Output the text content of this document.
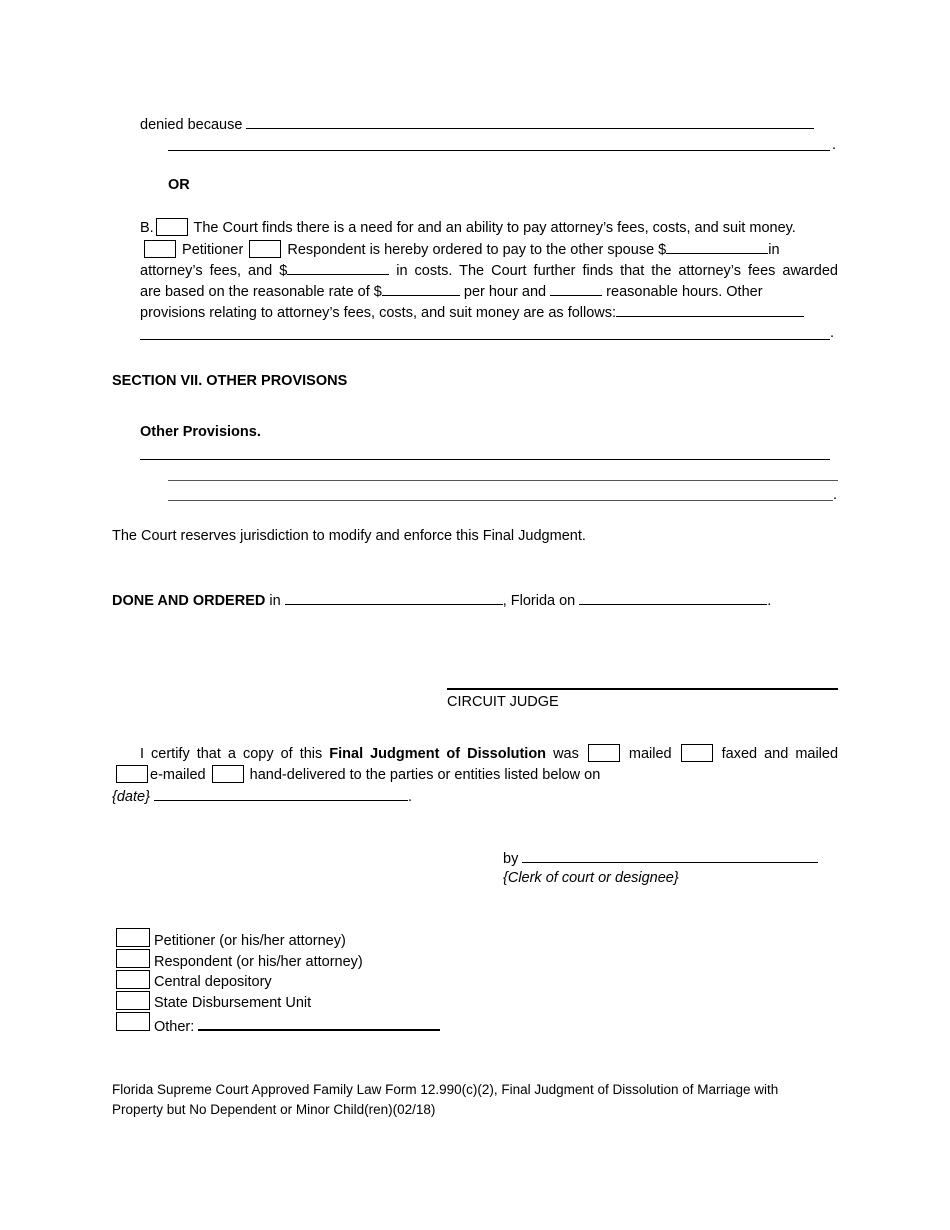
denied because
.
OR
B.	The Court finds there is a need for and an ability to pay attorney’s fees, costs, and suit money.
Petitioner	Respondent is hereby ordered to pay to the other spouse $	in
attorney’s fees, and $	in costs. The Court further finds that the attorney’s fees awarded
are based on the reasonable rate of $	per hour and	reasonable hours. Other
provisions relating to attorney’s fees, costs, and suit money are as follows:
.
SECTION VII. OTHER PROVISONS
Other Provisions.
.
The Court reserves jurisdiction to modify and enforce this Final Judgment.
DONE AND ORDERED in	, Florida on	.
CIRCUIT JUDGE
I certify that a copy of this Final Judgment of Dissolution was	mailed	faxed and mailed
e-mailed	hand-delivered to the parties or entities listed below on
{date}	.
by
{Clerk of court or designee}
Petitioner (or his/her attorney)
Respondent (or his/her attorney)
Central depository
State Disbursement Unit
Other:
Florida Supreme Court Approved Family Law Form 12.990(c)(2), Final Judgment of Dissolution of Marriage with Property but No Dependent or Minor Child(ren)(02/18)
